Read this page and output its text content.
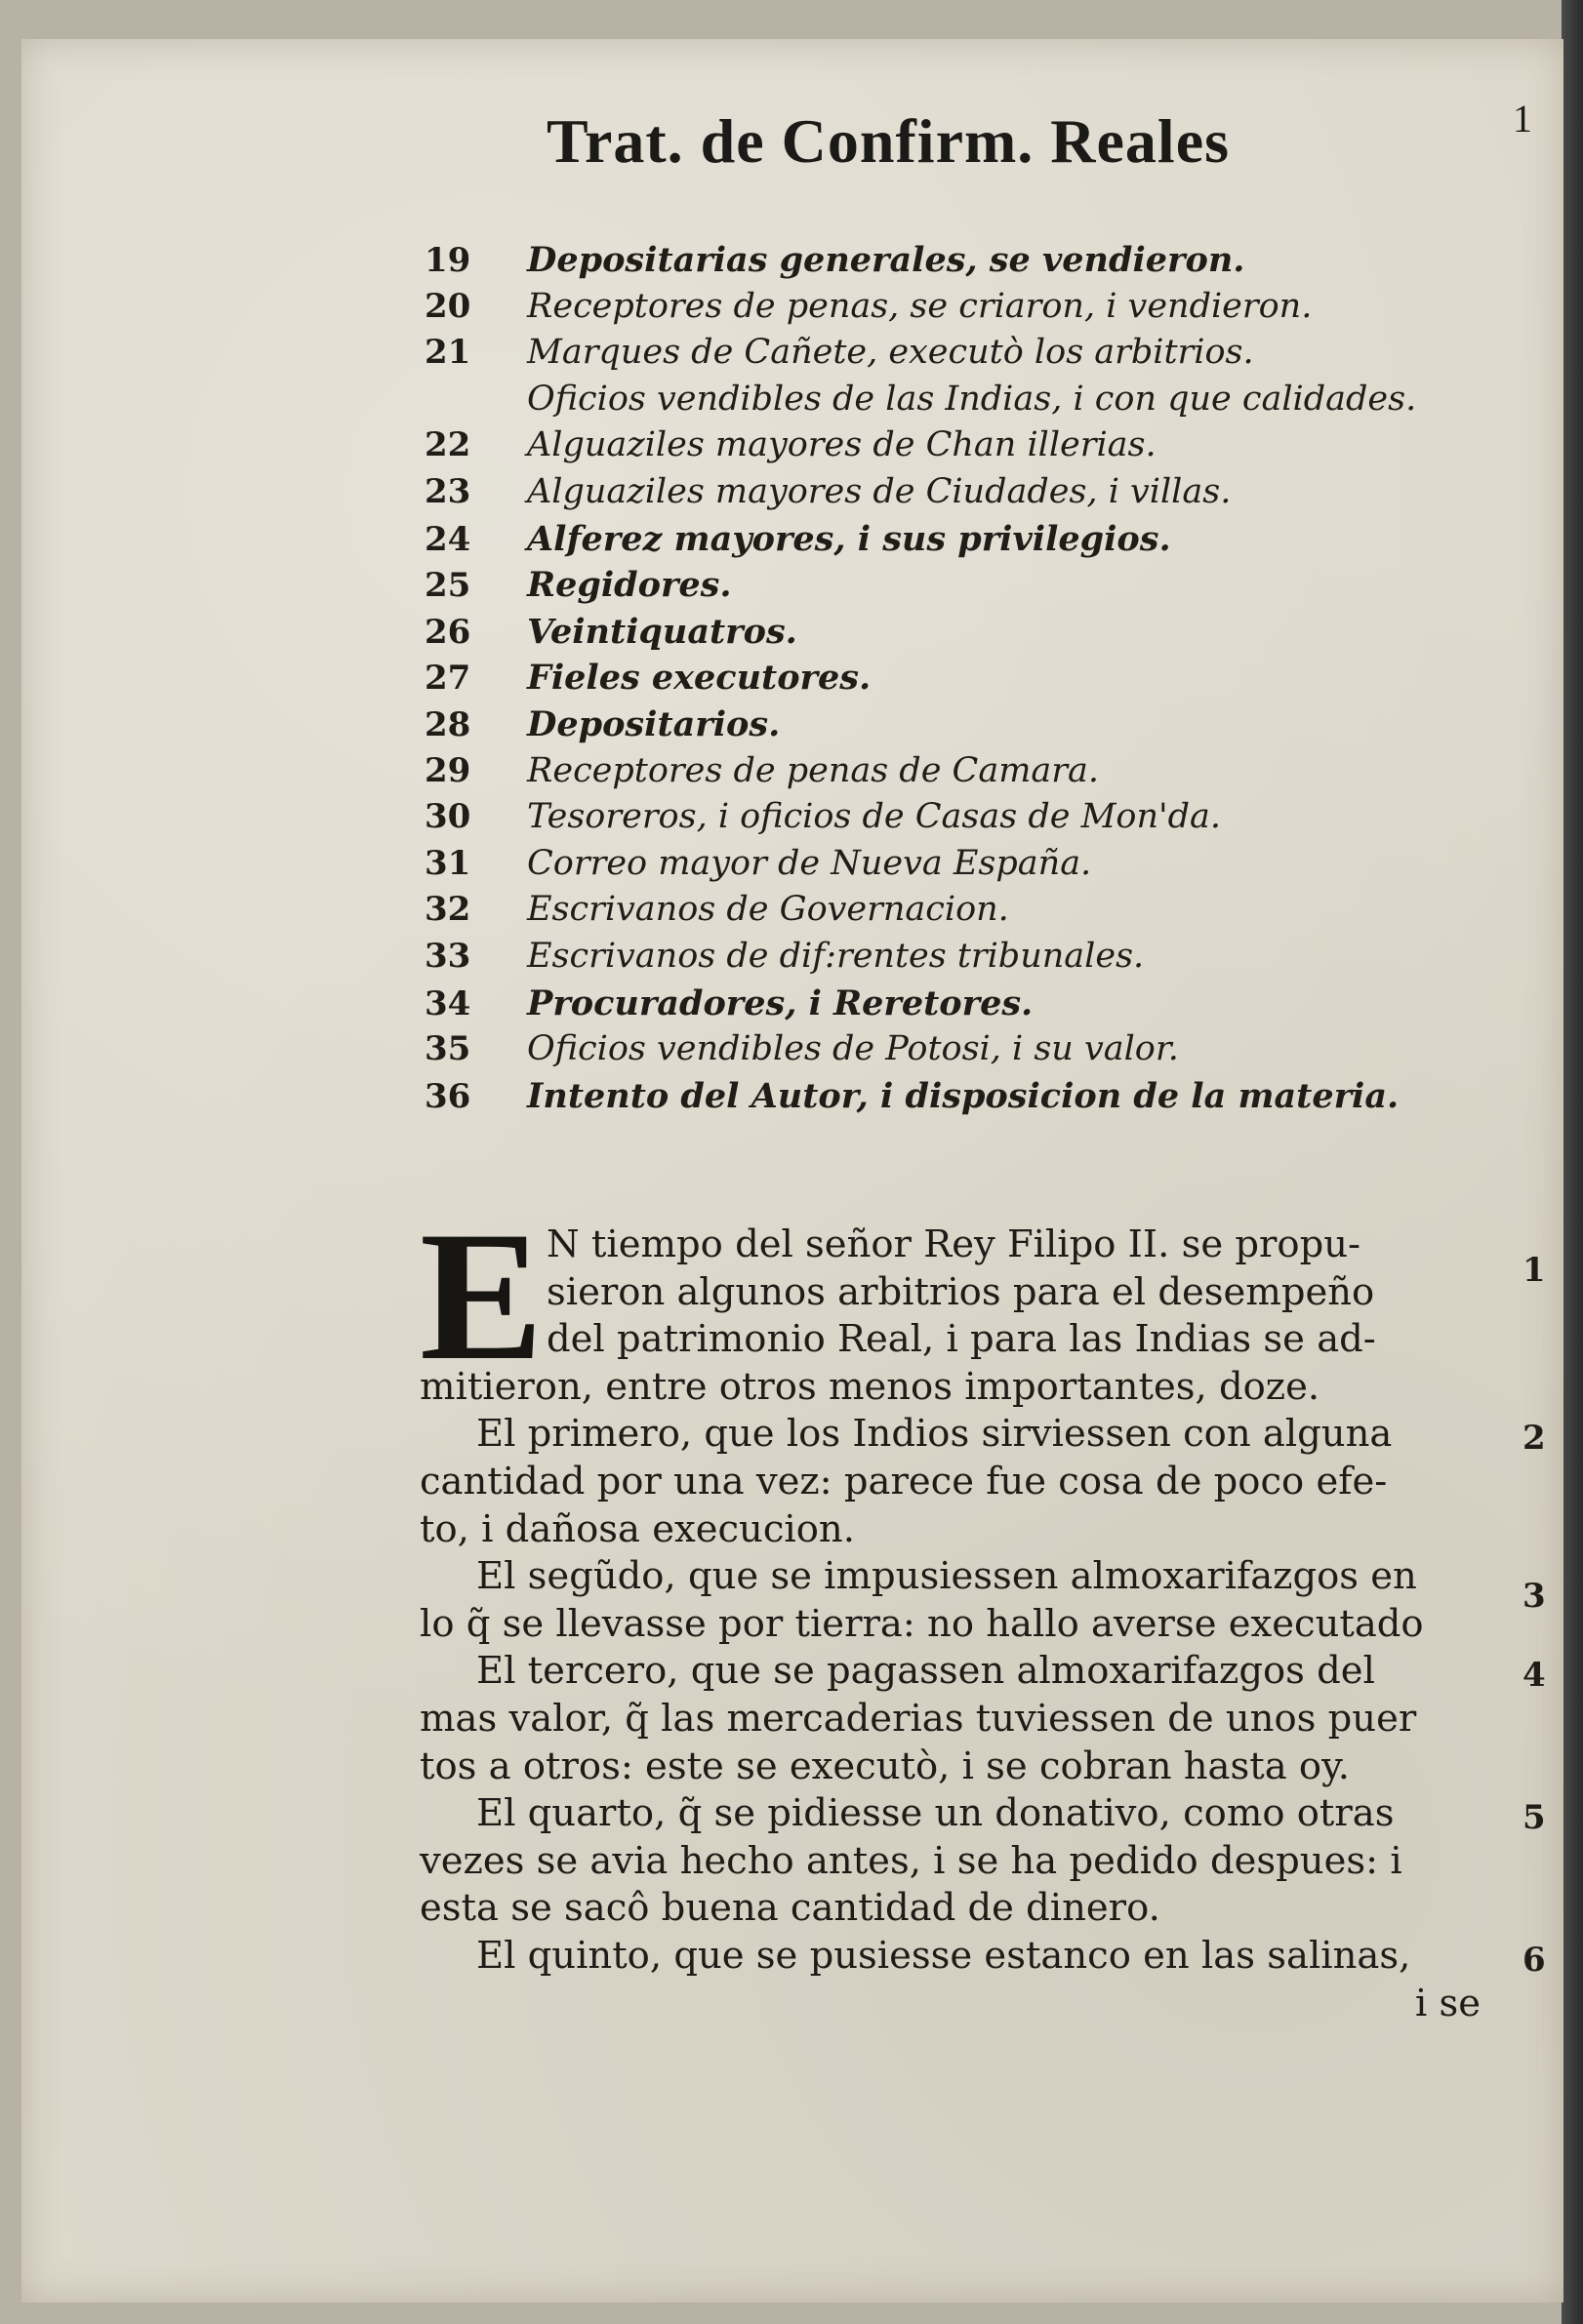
Trat. de Confirm. Reales	1
19	Depositarias generales, se vendieron.
20	Receptores de penas, se criaron, i vendieron.
21	Marques de Cañete, executò los arbitrios.
Oficios vendibles de las Indias, i con que calidades.
22	Alguaziles mayores de Chan illerias.
23	Alguaziles mayores de Ciudades, i villas.
24	Alferez mayores, i sus privilegios.
25	Regidores.
26	Veintiquatros.
27	Fieles executores.
28	Depositarios.
29	Receptores de penas de Camara.
30	Tesoreros, i oficios de Casas de Mon'da.
31	Correo mayor de Nueva España.
32	Escrivanos de Governacion.
33	Escrivanos de dif:rentes tribunales.
34	Procuradores, i Reretores.
35	Oficios vendibles de Potosi, i su valor.
36	Intento del Autor, i disposicion de la materia.
E	1
N tiempo del señor Rey Filipo II. se propu-
sieron algunos arbitrios para el desempeño
del patrimonio Real, i para las Indias se ad-
mitieron, entre otros menos importantes, doze.
2
El primero, que los Indios sirviessen con alguna
cantidad por una vez: parece fue cosa de poco efe-
to, i dañosa execucion.
3
El segũdo, que se impusiessen almoxarifazgos en
lo q̃ se llevasse por tierra: no hallo averse executado
4
El tercero, que se pagassen almoxarifazgos del
mas valor, q̃ las mercaderias tuviessen de unos puer
tos a otros: este se executò, i se cobran hasta oy.
5
El quarto, q̃ se pidiesse un donativo, como otras
vezes se avia hecho antes, i se ha pedido despues: i
esta se sacô buena cantidad de dinero.
6
El quinto, que se pusiesse estanco en las salinas,
i se
